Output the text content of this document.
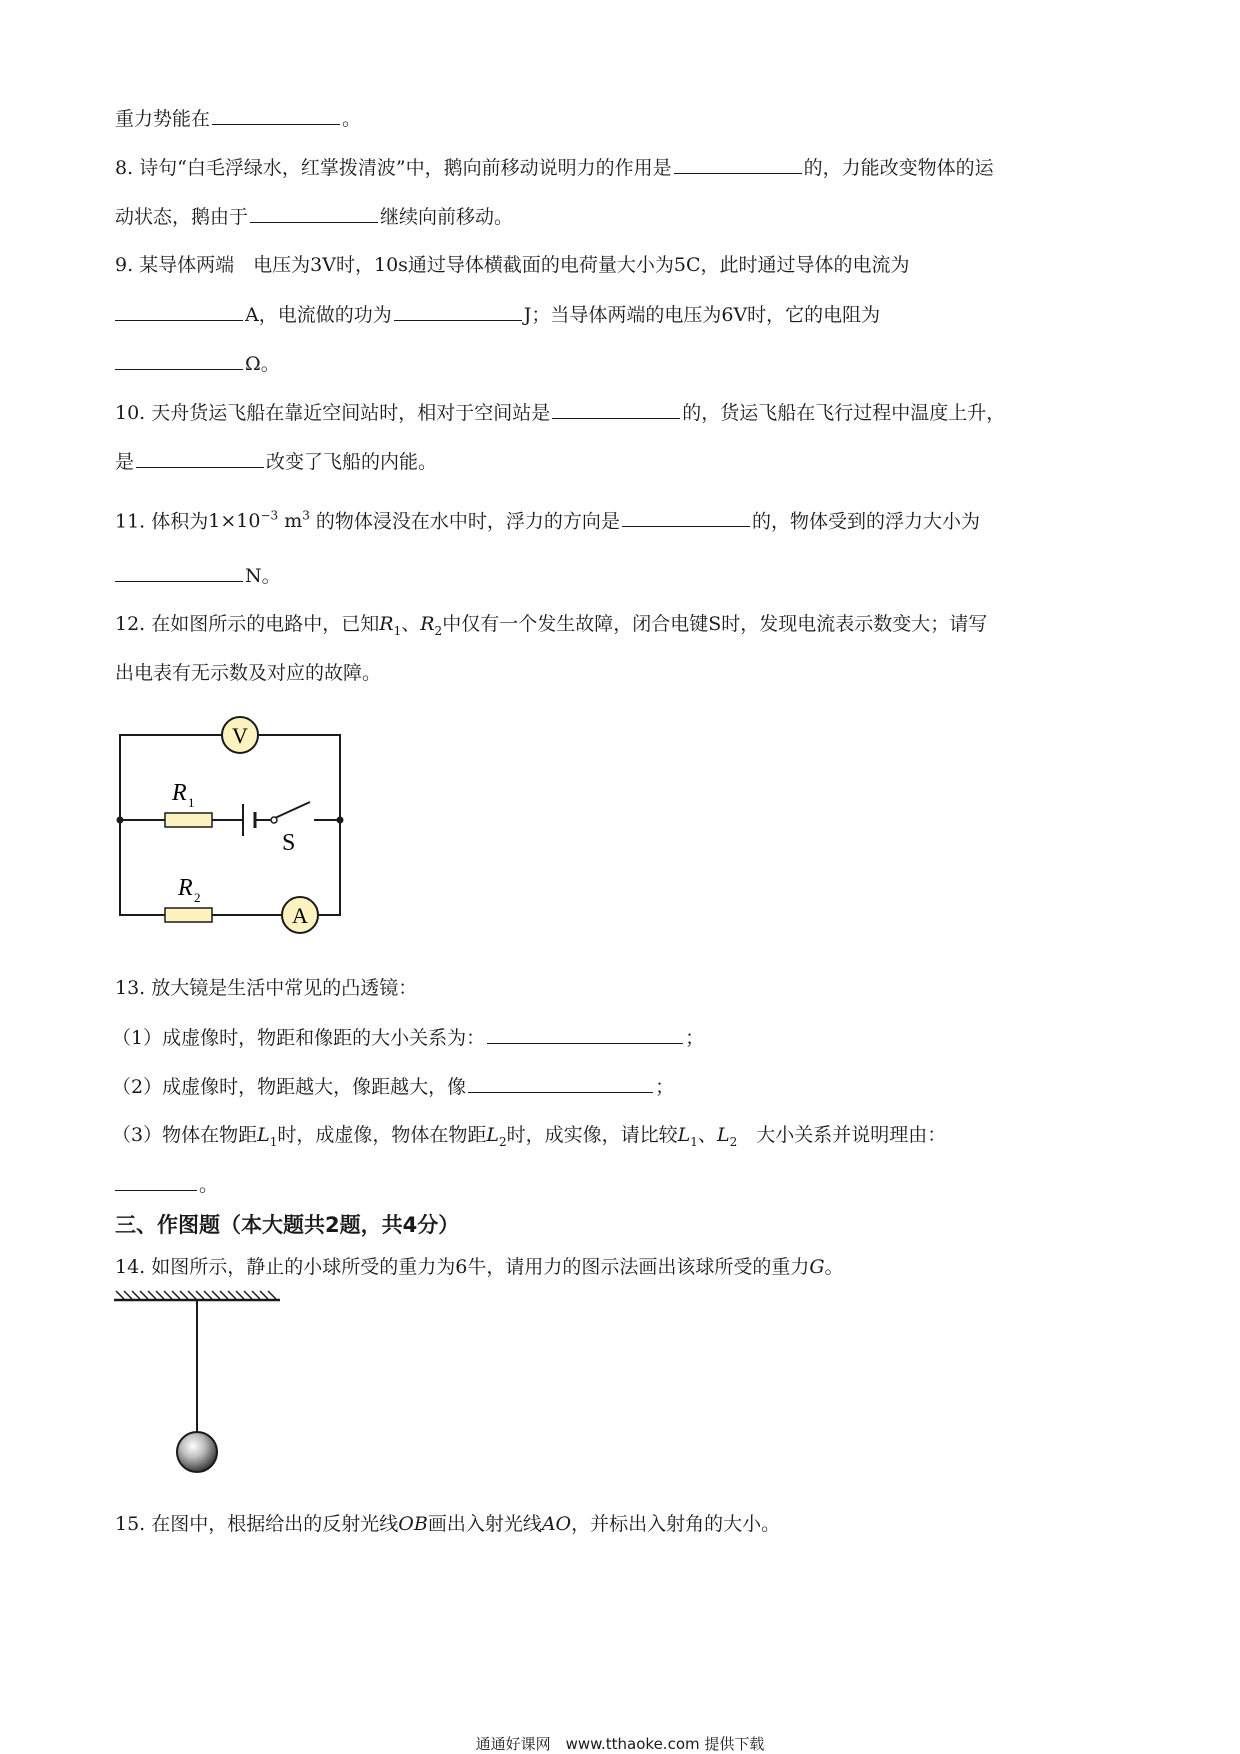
重力势能在	。
8. 诗句“白毛浮绿水，红掌拨清波”中，鹅向前移动说明力的作用是	的，力能改变物体的运
动状态，鹅由于	继续向前移动。
9. 某导体两端　电压为3V时，10s通过导体横截面的电荷量大小为5C，此时通过导体的电流为
A，电流做的功为	J；当导体两端的电压为6V时，它的电阻为
Ω。
10. 天舟货运飞船在靠近空间站时，相对于空间站是	的，货运飞船在飞行过程中温度上升，
是	改变了飞船的内能。
11. 体积为$1\times 10^{-3}$ $m^3$ 的物体浸没在水中时，浮力的方向是	的，物体受到的浮力大小为
N。
12. 在如图所示的电路中，已知$R_1$、$R_2$中仅有一个发生故障，闭合电键S时，发现电流表示数变大；请写
出电表有无示数及对应的故障。
V
A
R 1
R 2
S
13. 放大镜是生活中常见的凸透镜：
（1）成虚像时，物距和像距的大小关系为：	；
（2）成虚像时，物距越大，像距越大，像	；
（3）物体在物距$L_1$时，成虚像，物体在物距$L_2$时，成实像，请比较$L_1$、$L_2$　大小关系并说明理由：
。
三、作图题（本大题共2题，共4分）
14. 如图所示，静止的小球所受的重力为6牛，请用力的图示法画出该球所受的重力G。
15. 在图中，根据给出的反射光线OB画出入射光线AO，并标出入射角的大小。
通通好课网　www.tthaoke.com 提供下载
